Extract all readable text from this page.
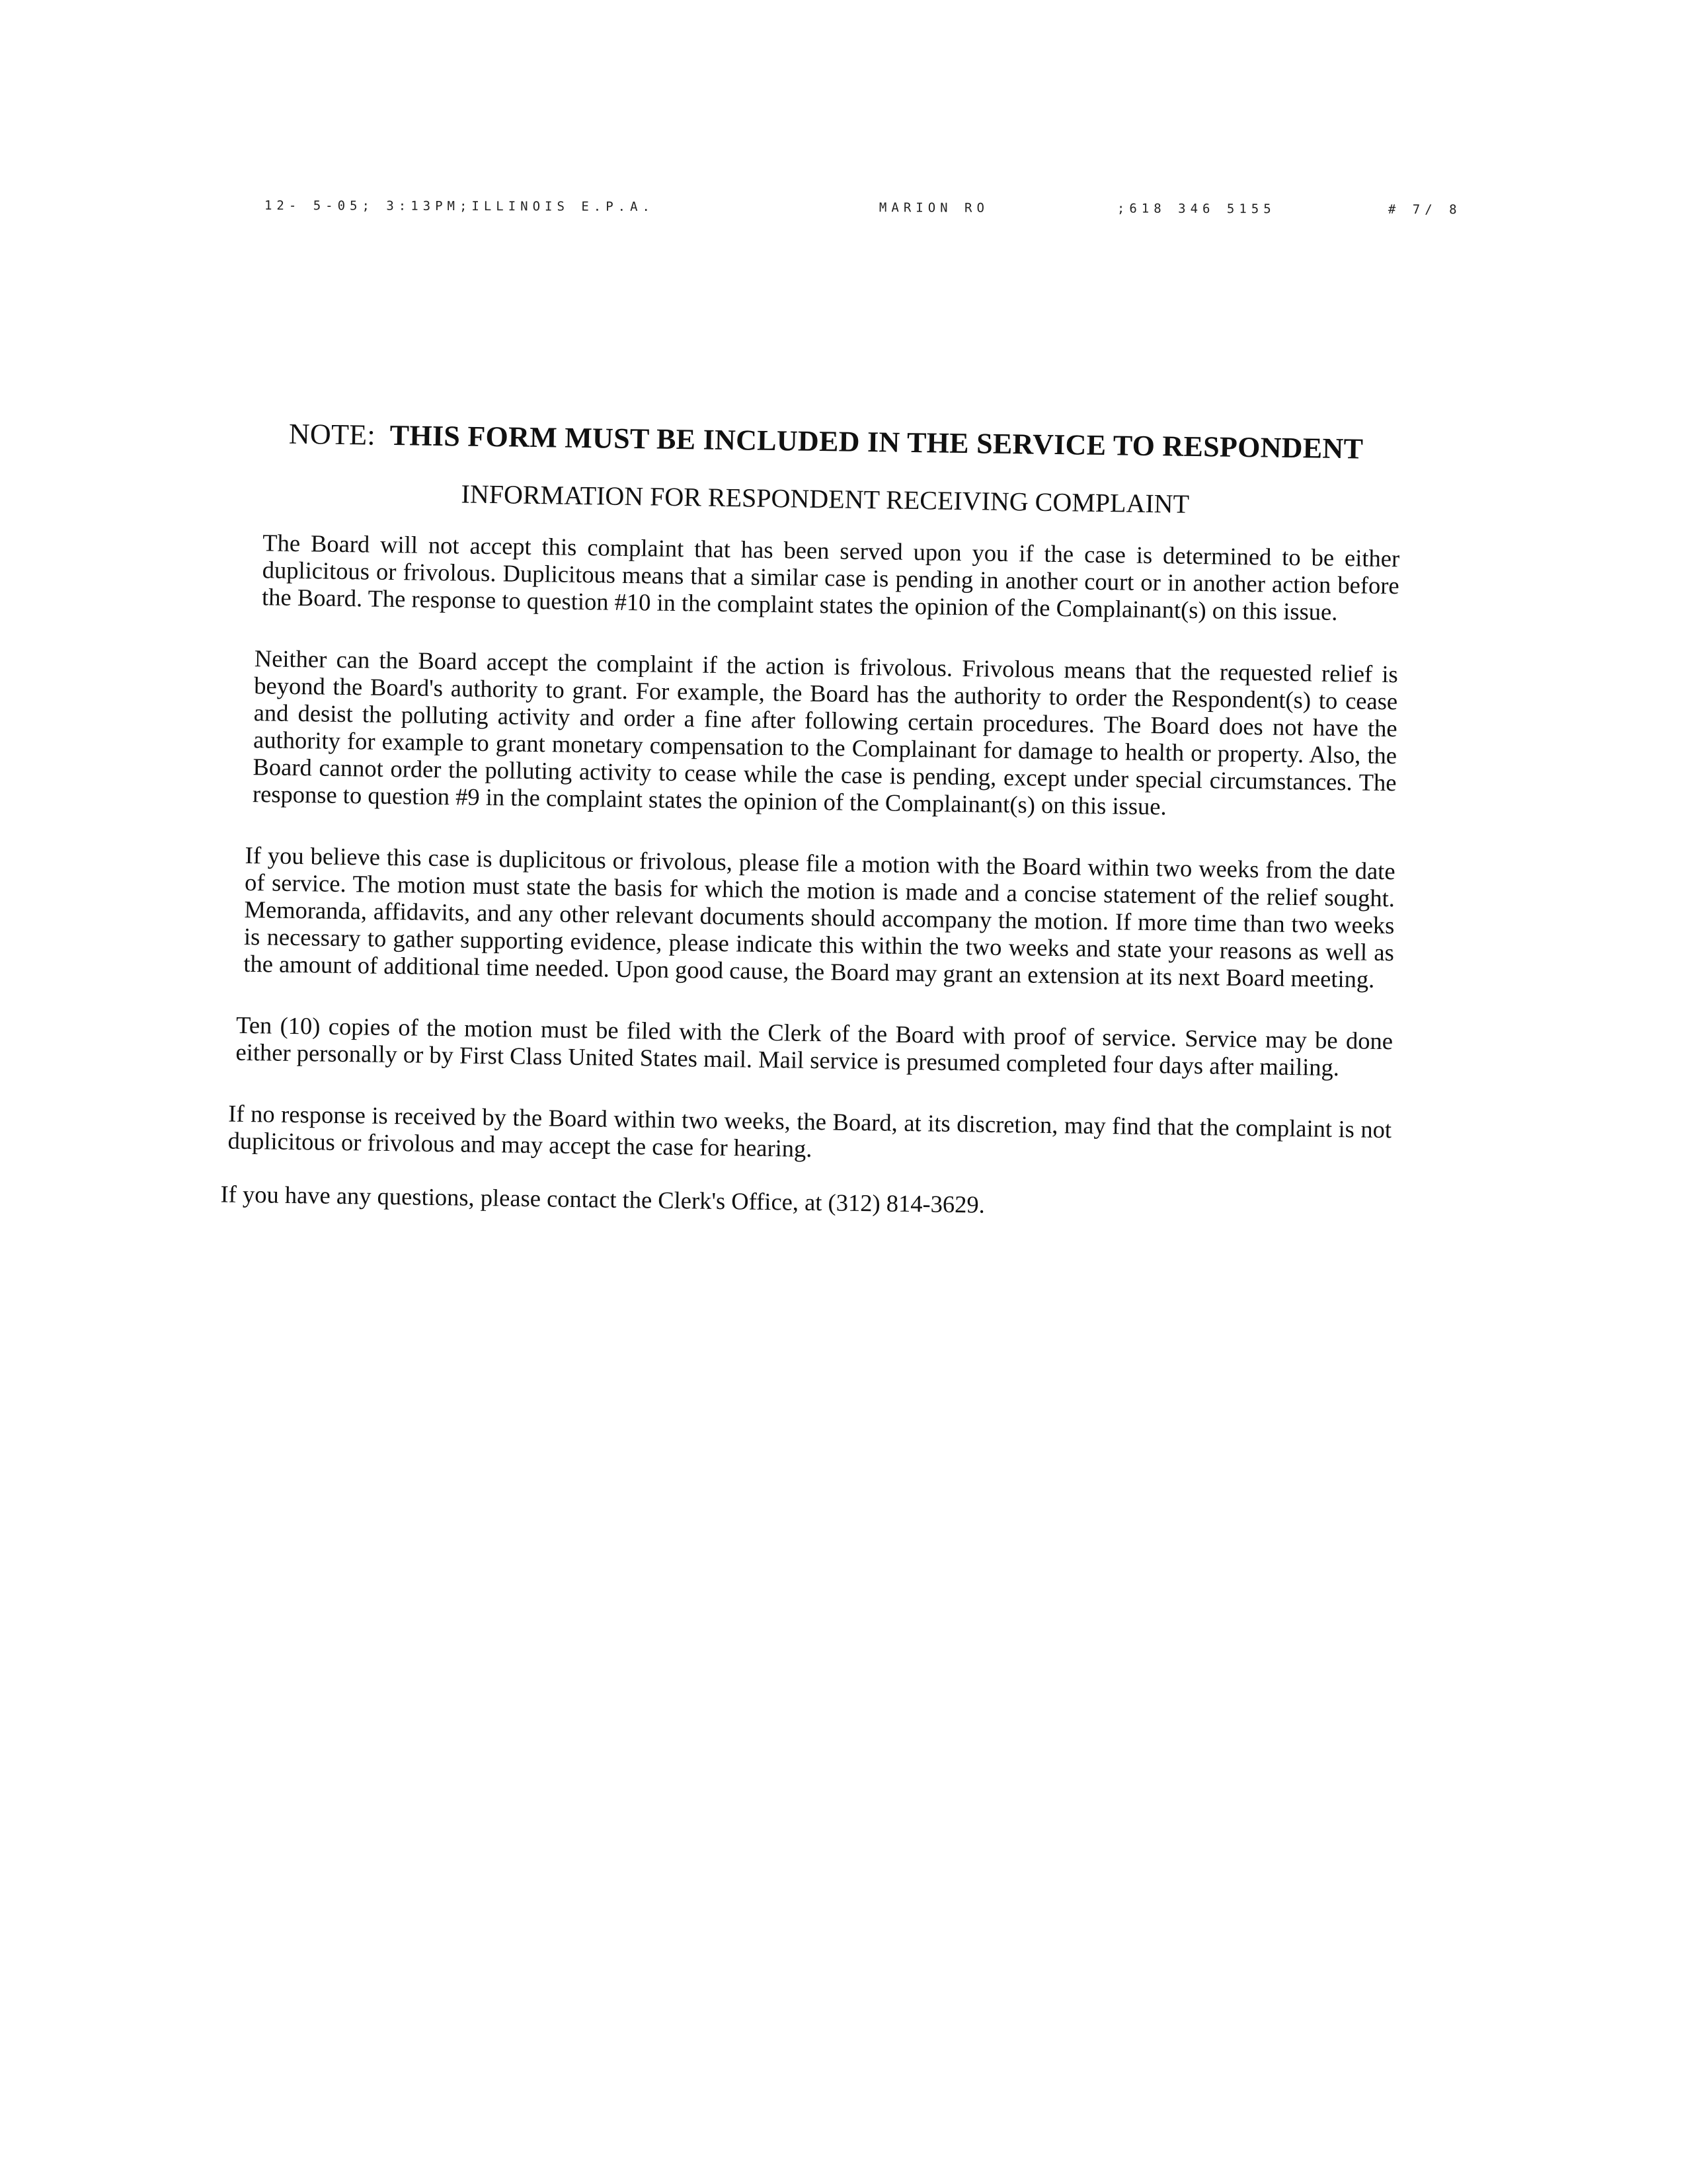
12- 5-05; 3:13PM;ILLINOIS E.P.A.	MARION RO	;618 346 5155	# 7/ 8
NOTE: THIS FORM MUST BE INCLUDED IN THE SERVICE TO RESPONDENT
INFORMATION FOR RESPONDENT RECEIVING COMPLAINT

The Board will not accept this complaint that has been served upon you if the case is determined to be either duplicitous or frivolous. Duplicitous means that a similar case is pending in another court or in another action before the Board. The response to question #10 in the complaint states the opinion of the Complainant(s) on this issue.

Neither can the Board accept the complaint if the action is frivolous. Frivolous means that the requested relief is beyond the Board's authority to grant. For example, the Board has the authority to order the Respondent(s) to cease and desist the polluting activity and order a fine after following certain procedures. The Board does not have the authority for example to grant monetary compensation to the Complainant for damage to health or property. Also, the Board cannot order the polluting activity to cease while the case is pending, except under special circumstances. The response to question #9 in the complaint states the opinion of the Complainant(s) on this issue.

If you believe this case is duplicitous or frivolous, please file a motion with the Board within two weeks from the date of service. The motion must state the basis for which the motion is made and a concise statement of the relief sought. Memoranda, affidavits, and any other relevant documents should accompany the motion. If more time than two weeks is necessary to gather supporting evidence, please indicate this within the two weeks and state your reasons as well as the amount of additional time needed. Upon good cause, the Board may grant an extension at its next Board meeting.

Ten (10) copies of the motion must be filed with the Clerk of the Board with proof of service. Service may be done either personally or by First Class United States mail. Mail service is presumed completed four days after mailing.

If no response is received by the Board within two weeks, the Board, at its discretion, may find that the complaint is not duplicitous or frivolous and may accept the case for hearing.

If you have any questions, please contact the Clerk's Office, at (312) 814-3629.
